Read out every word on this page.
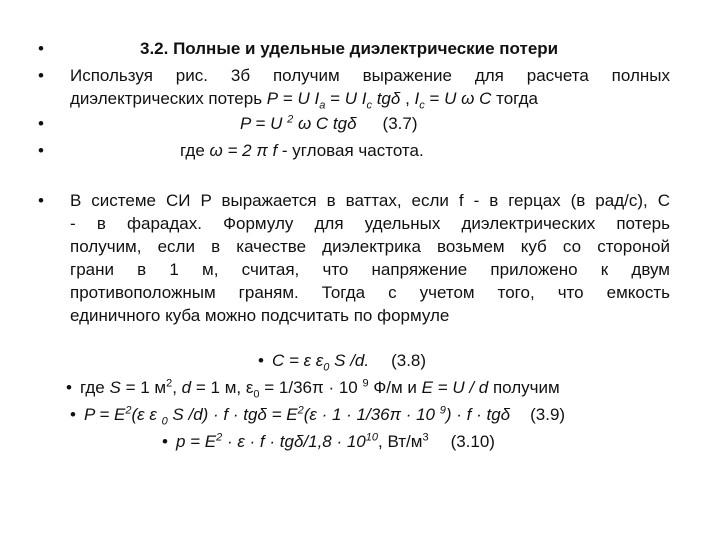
•	3.2. Полные и удельные диэлектрические потери
• Используя рис. 3б получим выражение для расчета полных
диэлектрических потерь P = U $I_a = U$ $I_c$ tgδ , $I_c = U$ ω C тогда
•	P = U $^2$ ω C tgδ (3.7)
•	где ω = 2 π f - угловая частота.
• В системе СИ P выражается в ваттах, если f - в герцах (в рад/с), C
- в фарадах. Формулу для удельных диэлектрических потерь
получим, если в качестве диэлектрика возьмем куб со стороной
грани в 1 м, считая, что напряжение приложено к двум
противоположным граням. Тогда с учетом того, что емкость
единичного куба можно подсчитать по формуле
• C = ε $\varepsilon_0$ S /d. (3.8)
• где S = 1 $м^2$, d = 1 м, $\varepsilon_0 = 1/36\pi \cdot 10$ $^9$ Ф/м и E = U / d получим
• $P = E^2(\varepsilon$ ε $_0$ S $/d) \cdot f \cdot tg\delta = E^2(\varepsilon \cdot 1 \cdot 1/36\pi \cdot 10$ $^9$) · f · tgδ (3.9)
• $p = E^2 \cdot \varepsilon \cdot f \cdot tg\delta/1,8 \cdot 10^{10}$, $Вт/м^3$ (3.10)
